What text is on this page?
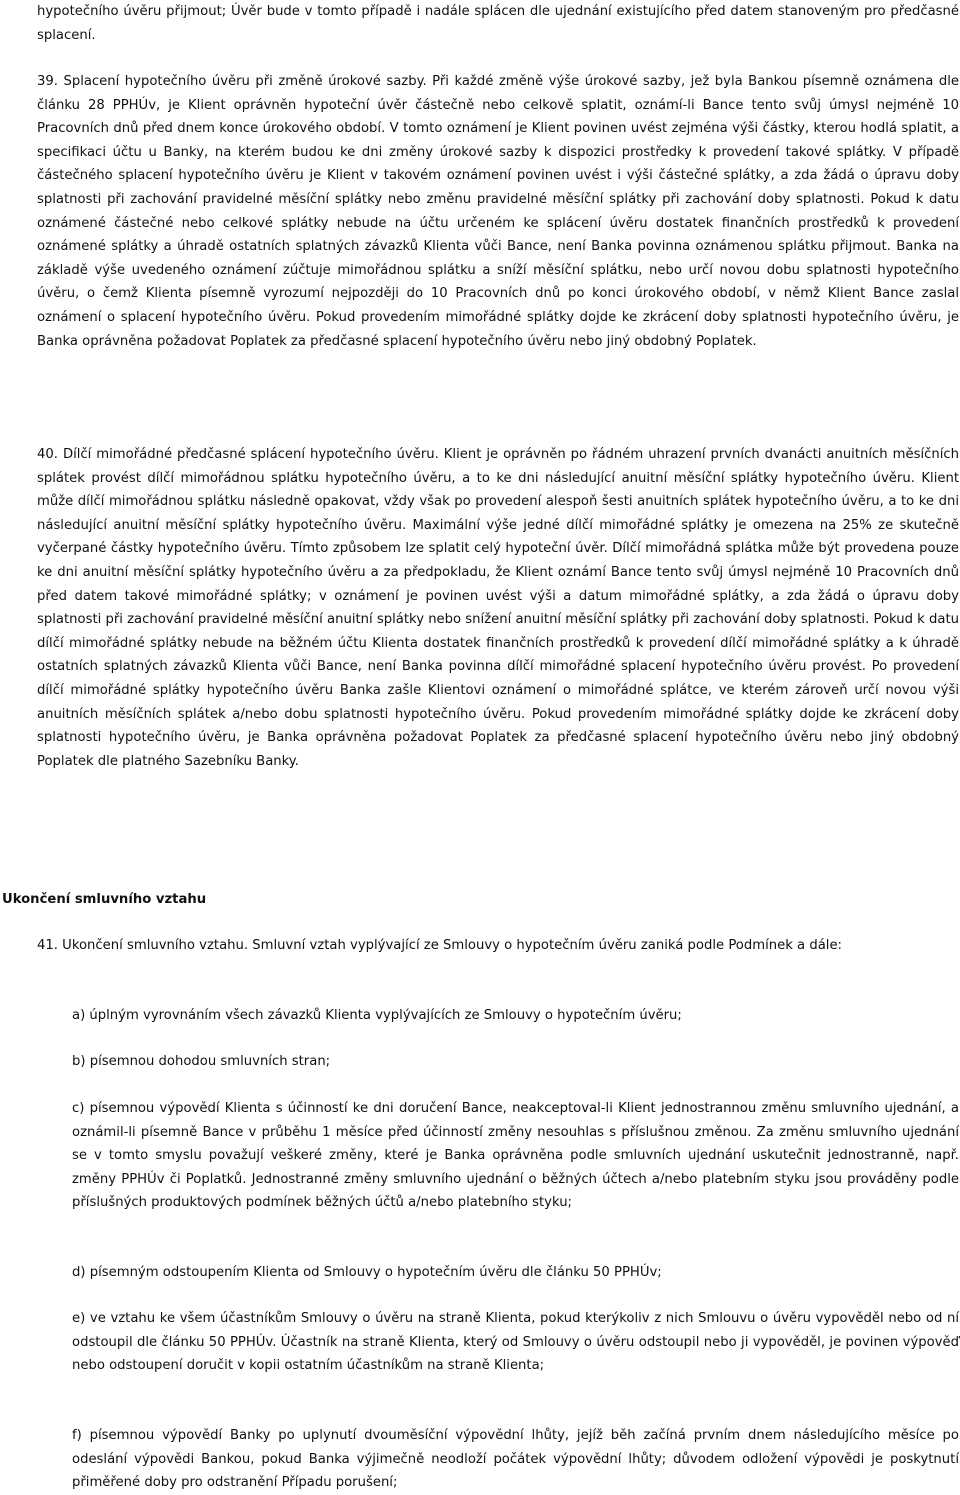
hypotečního úvěru přijmout; Úvěr bude v tomto případě i nadále splácen dle ujednání existujícího před datem stanoveným pro předčasné splacení.

39. Splacení hypotečního úvěru při změně úrokové sazby. Při každé změně výše úrokové sazby, jež byla Bankou písemně oznámena dle článku 28 PPHÚv, je Klient oprávněn hypoteční úvěr částečně nebo celkově splatit, oznámí-li Bance tento svůj úmysl nejméně 10 Pracovních dnů před dnem konce úrokového období. V tomto oznámení je Klient povinen uvést zejména výši částky, kterou hodlá splatit, a specifikaci účtu u Banky, na kterém budou ke dni změny úrokové sazby k dispozici prostředky k provedení takové splátky. V případě částečného splacení hypotečního úvěru je Klient v takovém oznámení povinen uvést i výši částečné splátky, a zda žádá o úpravu doby splatnosti při zachování pravidelné měsíční splátky nebo změnu pravidelné měsíční splátky při zachování doby splatnosti. Pokud k datu oznámené částečné nebo celkové splátky nebude na účtu určeném ke splácení úvěru dostatek finančních prostředků k provedení oznámené splátky a úhradě ostatních splatných závazků Klienta vůči Bance, není Banka povinna oznámenou splátku přijmout. Banka na základě výše uvedeného oznámení zúčtuje mimořádnou splátku a sníží měsíční splátku, nebo určí novou dobu splatnosti hypotečního úvěru, o čemž Klienta písemně vyrozumí nejpozději do 10 Pracovních dnů po konci úrokového období, v němž Klient Bance zaslal oznámení o splacení hypotečního úvěru. Pokud provedením mimořádné splátky dojde ke zkrácení doby splatnosti hypotečního úvěru, je Banka oprávněna požadovat Poplatek za předčasné splacení hypotečního úvěru nebo jiný obdobný Poplatek.

40. Dílčí mimořádné předčasné splácení hypotečního úvěru. Klient je oprávněn po řádném uhrazení prvních dvanácti anuitních měsíčních splátek provést dílčí mimořádnou splátku hypotečního úvěru, a to ke dni následující anuitní měsíční splátky hypotečního úvěru. Klient může dílčí mimořádnou splátku následně opakovat, vždy však po provedení alespoň šesti anuitních splátek hypotečního úvěru, a to ke dni následující anuitní měsíční splátky hypotečního úvěru. Maximální výše jedné dílčí mimořádné splátky je omezena na 25% ze skutečně vyčerpané částky hypotečního úvěru. Tímto způsobem lze splatit celý hypoteční úvěr. Dílčí mimořádná splátka může být provedena pouze ke dni anuitní měsíční splátky hypotečního úvěru a za předpokladu, že Klient oznámí Bance tento svůj úmysl nejméně 10 Pracovních dnů před datem takové mimořádné splátky; v oznámení je povinen uvést výši a datum mimořádné splátky, a zda žádá o úpravu doby splatnosti při zachování pravidelné měsíční anuitní splátky nebo snížení anuitní měsíční splátky při zachování doby splatnosti. Pokud k datu dílčí mimořádné splátky nebude na běžném účtu Klienta dostatek finančních prostředků k provedení dílčí mimořádné splátky a k úhradě ostatních splatných závazků Klienta vůči Bance, není Banka povinna dílčí mimořádné splacení hypotečního úvěru provést. Po provedení dílčí mimořádné splátky hypotečního úvěru Banka zašle Klientovi oznámení o mimořádné splátce, ve kterém zároveň určí novou výši anuitních měsíčních splátek a/nebo dobu splatnosti hypotečního úvěru. Pokud provedením mimořádné splátky dojde ke zkrácení doby splatnosti hypotečního úvěru, je Banka oprávněna požadovat Poplatek za předčasné splacení hypotečního úvěru nebo jiný obdobný Poplatek dle platného Sazebníku Banky.

Ukončení smluvního vztahu

41. Ukončení smluvního vztahu. Smluvní vztah vyplývající ze Smlouvy o hypotečním úvěru zaniká podle Podmínek a dále:

a) úplným vyrovnáním všech závazků Klienta vyplývajících ze Smlouvy o hypotečním úvěru;

b) písemnou dohodou smluvních stran;

c) písemnou výpovědí Klienta s účinností ke dni doručení Bance, neakceptoval-li Klient jednostrannou změnu smluvního ujednání, a oznámil-li písemně Bance v průběhu 1 měsíce před účinností změny nesouhlas s příslušnou změnou. Za změnu smluvního ujednání se v tomto smyslu považují veškeré změny, které je Banka oprávněna podle smluvních ujednání uskutečnit jednostranně, např. změny PPHÚv či Poplatků. Jednostranné změny smluvního ujednání o běžných účtech a/nebo platebním styku jsou prováděny podle příslušných produktových podmínek běžných účtů a/nebo platebního styku;

d) písemným odstoupením Klienta od Smlouvy o hypotečním úvěru dle článku 50 PPHÚv;

e) ve vztahu ke všem účastníkům Smlouvy o úvěru na straně Klienta, pokud kterýkoliv z nich Smlouvu o úvěru vypověděl nebo od ní odstoupil dle článku 50 PPHÚv. Účastník na straně Klienta, který od Smlouvy o úvěru odstoupil nebo ji vypověděl, je povinen výpověď nebo odstoupení doručit v kopii ostatním účastníkům na straně Klienta;

f) písemnou výpovědí Banky po uplynutí dvouměsíční výpovědní lhůty, jejíž běh začíná prvním dnem následujícího měsíce po odeslání výpovědi Bankou, pokud Banka výjimečně neodloží počátek výpovědní lhůty; důvodem odložení výpovědi je poskytnutí přiměřené doby pro odstranění Případu porušení;
